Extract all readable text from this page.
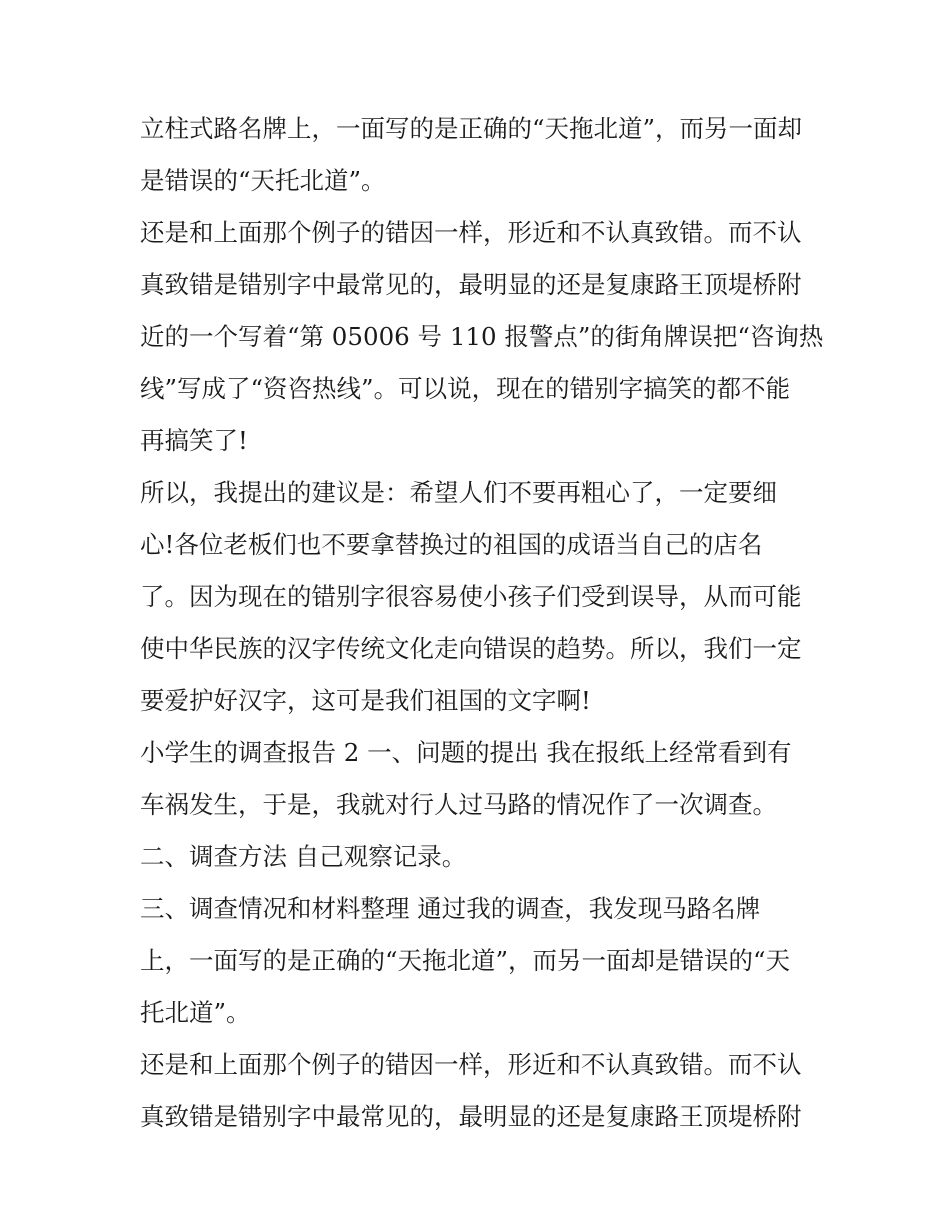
立柱式路名牌上，一面写的是正确的“天拖北道”，而另一面却
是错误的“天托北道”。
还是和上面那个例子的错因一样，形近和不认真致错。而不认
真致错是错别字中最常见的，最明显的还是复康路王顶堤桥附
近的一个写着“第 05006 号 110 报警点”的街角牌误把“咨询热
线”写成了“资咨热线”。可以说，现在的错别字搞笑的都不能
再搞笑了!
所以，我提出的建议是：希望人们不要再粗心了，一定要细
心!各位老板们也不要拿替换过的祖国的成语当自己的店名
了。因为现在的错别字很容易使小孩子们受到误导，从而可能
使中华民族的汉字传统文化走向错误的趋势。所以，我们一定
要爱护好汉字，这可是我们祖国的文字啊!
小学生的调查报告 2 一、问题的提出 我在报纸上经常看到有
车祸发生，于是，我就对行人过马路的情况作了一次调查。
二、调查方法 自己观察记录。
三、调查情况和材料整理 通过我的调查，我发现马路名牌
上，一面写的是正确的“天拖北道”，而另一面却是错误的“天
托北道”。
还是和上面那个例子的错因一样，形近和不认真致错。而不认
真致错是错别字中最常见的，最明显的还是复康路王顶堤桥附
